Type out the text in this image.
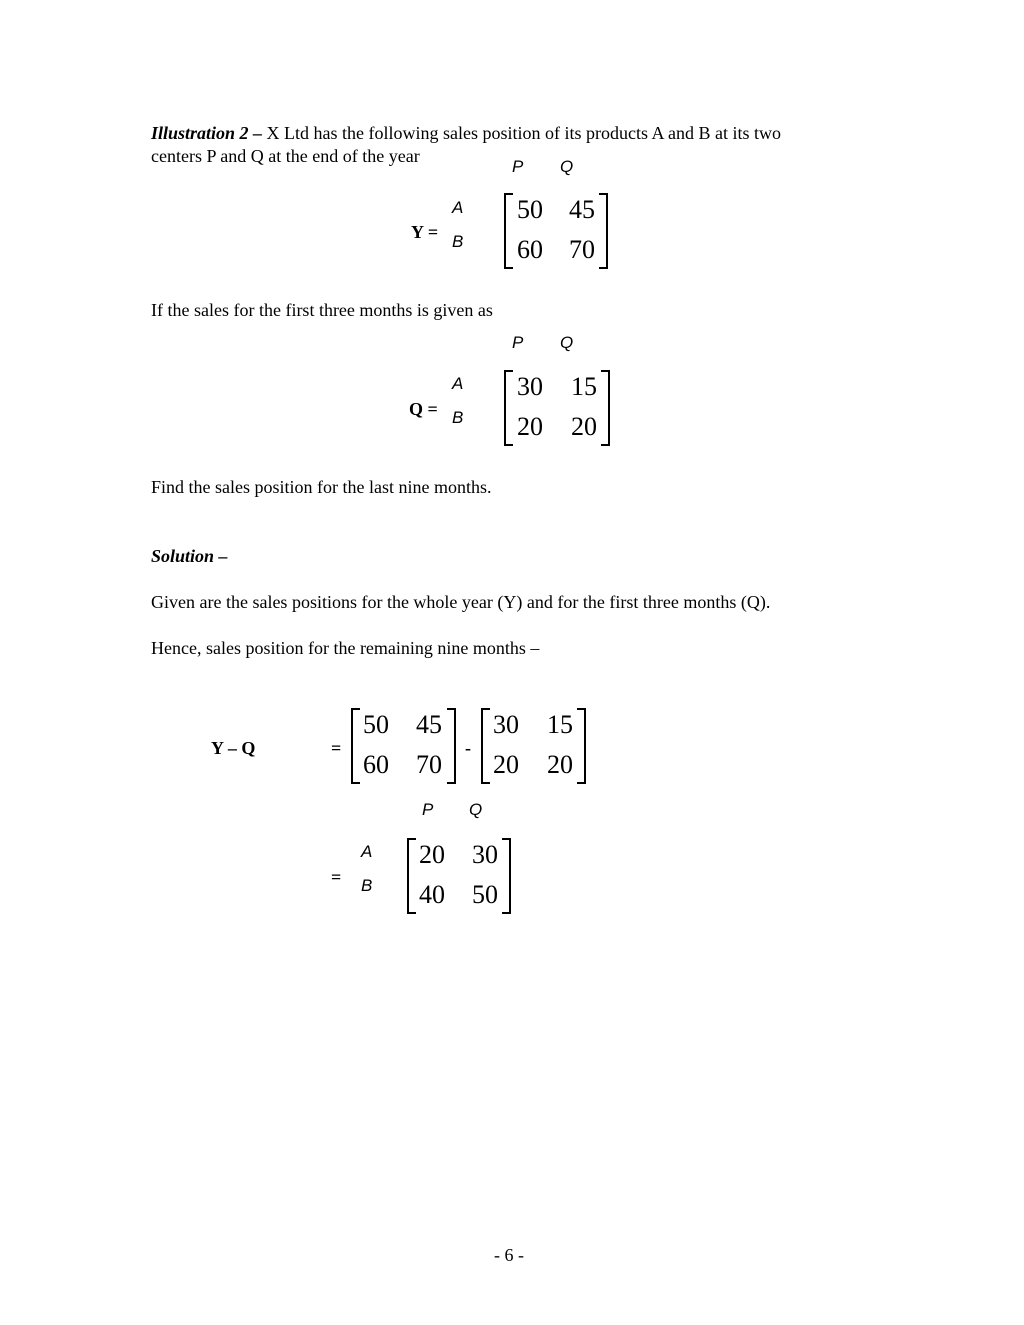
Illustration 2 – X Ltd has the following sales position of its products A and B at its two
centers P and Q at the end of the year
P Q
A
B
Y =
50 45
60 70
If the sales for the first three months is given as
P Q
A
B
Q =
30 15
20 20
Find the sales position for the last nine months.
Solution –
Given are the sales positions for the whole year (Y) and for the first three months (Q).
Hence, sales position for the remaining nine months –
Y – Q	=
50 45
60 70
-
30 15
20 20
P Q
A
B
=
20 30
40 50
- 6 -
